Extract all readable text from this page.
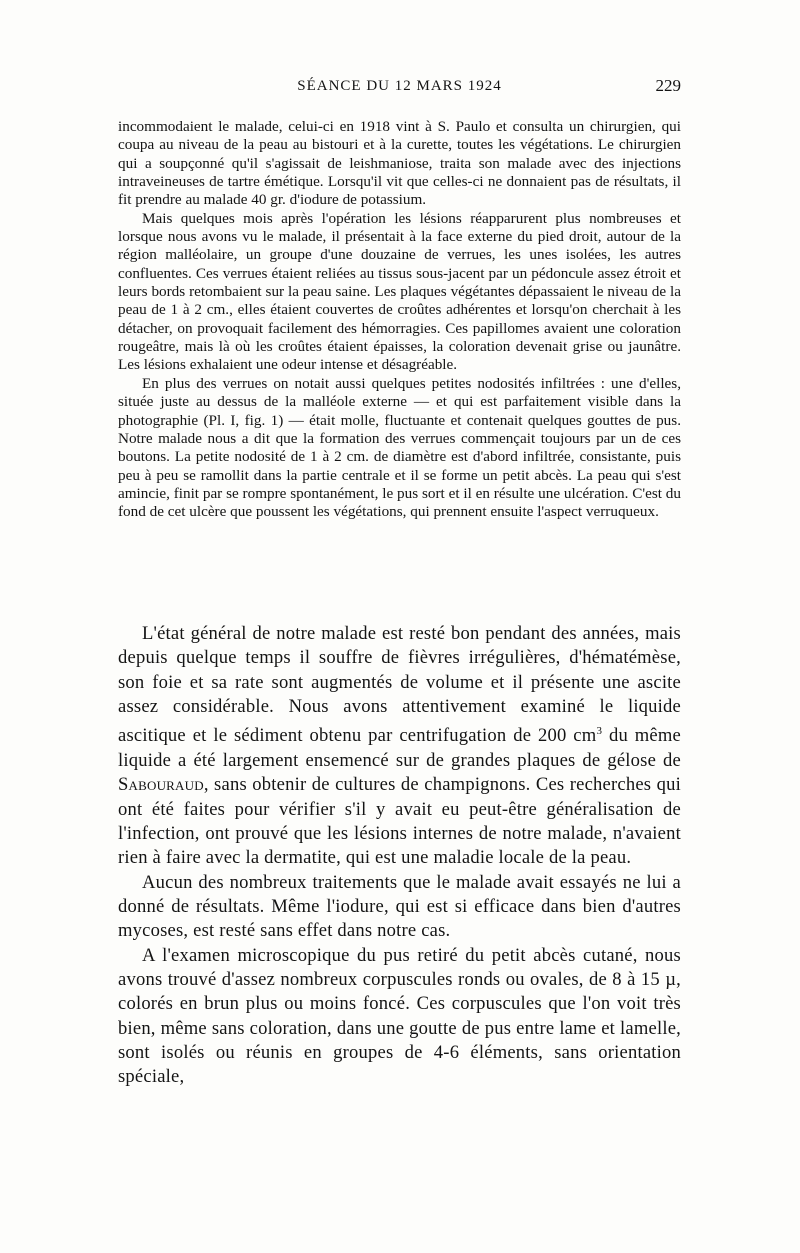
SÉANCE DU 12 MARS 1924	229

incommodaient le malade, celui-ci en 1918 vint à S. Paulo et consulta un chirurgien, qui coupa au niveau de la peau au bistouri et à la curette, toutes les végétations. Le chirurgien qui a soupçonné qu'il s'agissait de leishmaniose, traita son malade avec des injections intraveineuses de tartre émétique. Lorsqu'il vit que celles-ci ne donnaient pas de résultats, il fit prendre au malade 40 gr. d'iodure de potassium.

Mais quelques mois après l'opération les lésions réapparurent plus nombreuses et lorsque nous avons vu le malade, il présentait à la face externe du pied droit, autour de la région malléolaire, un groupe d'une douzaine de verrues, les unes isolées, les autres confluentes. Ces verrues étaient reliées au tissus sous-jacent par un pédoncule assez étroit et leurs bords retombaient sur la peau saine. Les plaques végétantes dépassaient le niveau de la peau de 1 à 2 cm., elles étaient couvertes de croûtes adhérentes et lorsqu'on cherchait à les détacher, on provoquait facilement des hémorragies. Ces papillomes avaient une coloration rougeâtre, mais là où les croûtes étaient épaisses, la coloration devenait grise ou jaunâtre. Les lésions exhalaient une odeur intense et désagréable.

En plus des verrues on notait aussi quelques petites nodosités infiltrées : une d'elles, située juste au dessus de la malléole externe — et qui est parfaitement visible dans la photographie (Pl. I, fig. 1) — était molle, fluctuante et contenait quelques gouttes de pus. Notre malade nous a dit que la formation des verrues commençait toujours par un de ces boutons. La petite nodosité de 1 à 2 cm. de diamètre est d'abord infiltrée, consistante, puis peu à peu se ramollit dans la partie centrale et il se forme un petit abcès. La peau qui s'est amincie, finit par se rompre spontanément, le pus sort et il en résulte une ulcération. C'est du fond de cet ulcère que poussent les végétations, qui prennent ensuite l'aspect verruqueux.

L'état général de notre malade est resté bon pendant des années, mais depuis quelque temps il souffre de fièvres irrégulières, d'hématémèse, son foie et sa rate sont augmentés de volume et il présente une ascite assez considérable. Nous avons attentivement examiné le liquide ascitique et le sédiment obtenu par centrifugation de 200 $cm^3$ du même liquide a été largement ensemencé sur de grandes plaques de gélose de Sabouraud, sans obtenir de cultures de champignons. Ces recherches qui ont été faites pour vérifier s'il y avait eu peut-être généralisation de l'infection, ont prouvé que les lésions internes de notre malade, n'avaient rien à faire avec la dermatite, qui est une maladie locale de la peau.

Aucun des nombreux traitements que le malade avait essayés ne lui a donné de résultats. Même l'iodure, qui est si efficace dans bien d'autres mycoses, est resté sans effet dans notre cas.

A l'examen microscopique du pus retiré du petit abcès cutané, nous avons trouvé d'assez nombreux corpuscules ronds ou ovales, de 8 à 15 µ, colorés en brun plus ou moins foncé. Ces corpuscules que l'on voit très bien, même sans coloration, dans une goutte de pus entre lame et lamelle, sont isolés ou réunis en groupes de 4-6 éléments, sans orientation spéciale,
